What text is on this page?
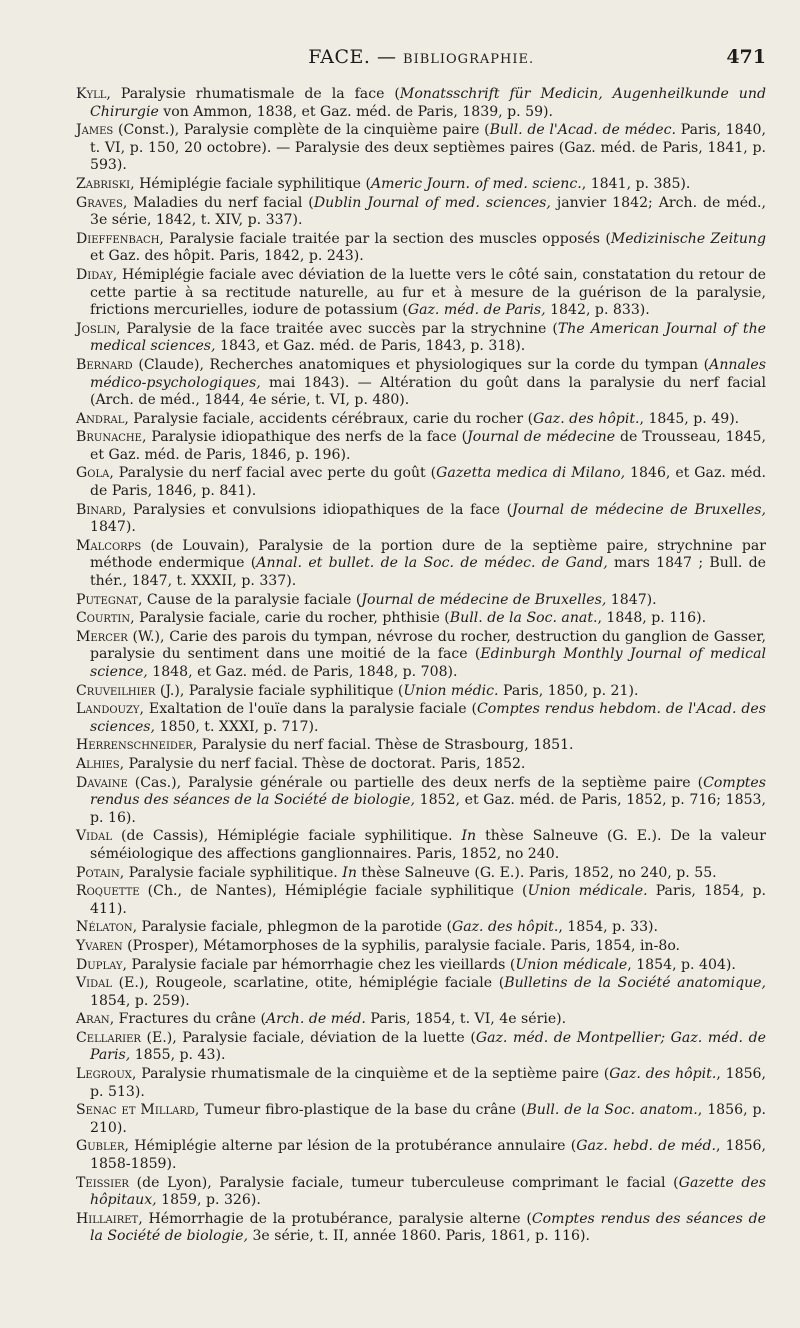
FACE. — BIBLIOGRAPHIE.	471

Kyll, Paralysie rhumatismale de la face (Monatsschrift für Medicin, Augenheilkunde und Chirurgie von Ammon, 1838, et Gaz. méd. de Paris, 1839, p. 59).

James (Const.), Paralysie complète de la cinquième paire (Bull. de l'Acad. de médec. Paris, 1840, t. VI, p. 150, 20 octobre). — Paralysie des deux septièmes paires (Gaz. méd. de Paris, 1841, p. 593).

Zabriski, Hémiplégie faciale syphilitique (Americ Journ. of med. scienc., 1841, p. 385).

Graves, Maladies du nerf facial (Dublin Journal of med. sciences, janvier 1842; Arch. de méd., 3e série, 1842, t. XIV, p. 337).

Dieffenbach, Paralysie faciale traitée par la section des muscles opposés (Medizinische Zeitung et Gaz. des hôpit. Paris, 1842, p. 243).

Diday, Hémiplégie faciale avec déviation de la luette vers le côté sain, constatation du retour de cette partie à sa rectitude naturelle, au fur et à mesure de la guérison de la paralysie, frictions mercurielles, iodure de potassium (Gaz. méd. de Paris, 1842, p. 833).

Joslin, Paralysie de la face traitée avec succès par la strychnine (The American Journal of the medical sciences, 1843, et Gaz. méd. de Paris, 1843, p. 318).

Bernard (Claude), Recherches anatomiques et physiologiques sur la corde du tympan (Annales médico-psychologiques, mai 1843). — Altération du goût dans la paralysie du nerf facial (Arch. de méd., 1844, 4e série, t. VI, p. 480).

Andral, Paralysie faciale, accidents cérébraux, carie du rocher (Gaz. des hôpit., 1845, p. 49).

Brunache, Paralysie idiopathique des nerfs de la face (Journal de médecine de Trousseau, 1845, et Gaz. méd. de Paris, 1846, p. 196).

Gola, Paralysie du nerf facial avec perte du goût (Gazetta medica di Milano, 1846, et Gaz. méd. de Paris, 1846, p. 841).

Binard, Paralysies et convulsions idiopathiques de la face (Journal de médecine de Bruxelles, 1847).

Malcorps (de Louvain), Paralysie de la portion dure de la septième paire, strychnine par méthode endermique (Annal. et bullet. de la Soc. de médec. de Gand, mars 1847 ; Bull. de thér., 1847, t. XXXII, p. 337).

Putegnat, Cause de la paralysie faciale (Journal de médecine de Bruxelles, 1847).

Courtin, Paralysie faciale, carie du rocher, phthisie (Bull. de la Soc. anat., 1848, p. 116).

Mercer (W.), Carie des parois du tympan, névrose du rocher, destruction du ganglion de Gasser, paralysie du sentiment dans une moitié de la face (Edinburgh Monthly Journal of medical science, 1848, et Gaz. méd. de Paris, 1848, p. 708).

Cruveilhier (J.), Paralysie faciale syphilitique (Union médic. Paris, 1850, p. 21).

Landouzy, Exaltation de l'ouïe dans la paralysie faciale (Comptes rendus hebdom. de l'Acad. des sciences, 1850, t. XXXI, p. 717).

Herrenschneider, Paralysie du nerf facial. Thèse de Strasbourg, 1851.

Alhies, Paralysie du nerf facial. Thèse de doctorat. Paris, 1852.

Davaine (Cas.), Paralysie générale ou partielle des deux nerfs de la septième paire (Comptes rendus des séances de la Société de biologie, 1852, et Gaz. méd. de Paris, 1852, p. 716; 1853, p. 16).

Vidal (de Cassis), Hémiplégie faciale syphilitique. In thèse Salneuve (G. E.). De la valeur séméiologique des affections ganglionnaires. Paris, 1852, no 240.

Potain, Paralysie faciale syphilitique. In thèse Salneuve (G. E.). Paris, 1852, no 240, p. 55.

Roquette (Ch., de Nantes), Hémiplégie faciale syphilitique (Union médicale. Paris, 1854, p. 411).

Nélaton, Paralysie faciale, phlegmon de la parotide (Gaz. des hôpit., 1854, p. 33).

Yvaren (Prosper), Métamorphoses de la syphilis, paralysie faciale. Paris, 1854, in-8o.

Duplay, Paralysie faciale par hémorrhagie chez les vieillards (Union médicale, 1854, p. 404).

Vidal (E.), Rougeole, scarlatine, otite, hémiplégie faciale (Bulletins de la Société anatomique, 1854, p. 259).

Aran, Fractures du crâne (Arch. de méd. Paris, 1854, t. VI, 4e série).

Cellarier (E.), Paralysie faciale, déviation de la luette (Gaz. méd. de Montpellier; Gaz. méd. de Paris, 1855, p. 43).

Legroux, Paralysie rhumatismale de la cinquième et de la septième paire (Gaz. des hôpit., 1856, p. 513).

Senac et Millard, Tumeur fibro-plastique de la base du crâne (Bull. de la Soc. anatom., 1856, p. 210).

Gubler, Hémiplégie alterne par lésion de la protubérance annulaire (Gaz. hebd. de méd., 1856, 1858-1859).

Teissier (de Lyon), Paralysie faciale, tumeur tuberculeuse comprimant le facial (Gazette des hôpitaux, 1859, p. 326).

Hillairet, Hémorrhagie de la protubérance, paralysie alterne (Comptes rendus des séances de la Société de biologie, 3e série, t. II, année 1860. Paris, 1861, p. 116).
